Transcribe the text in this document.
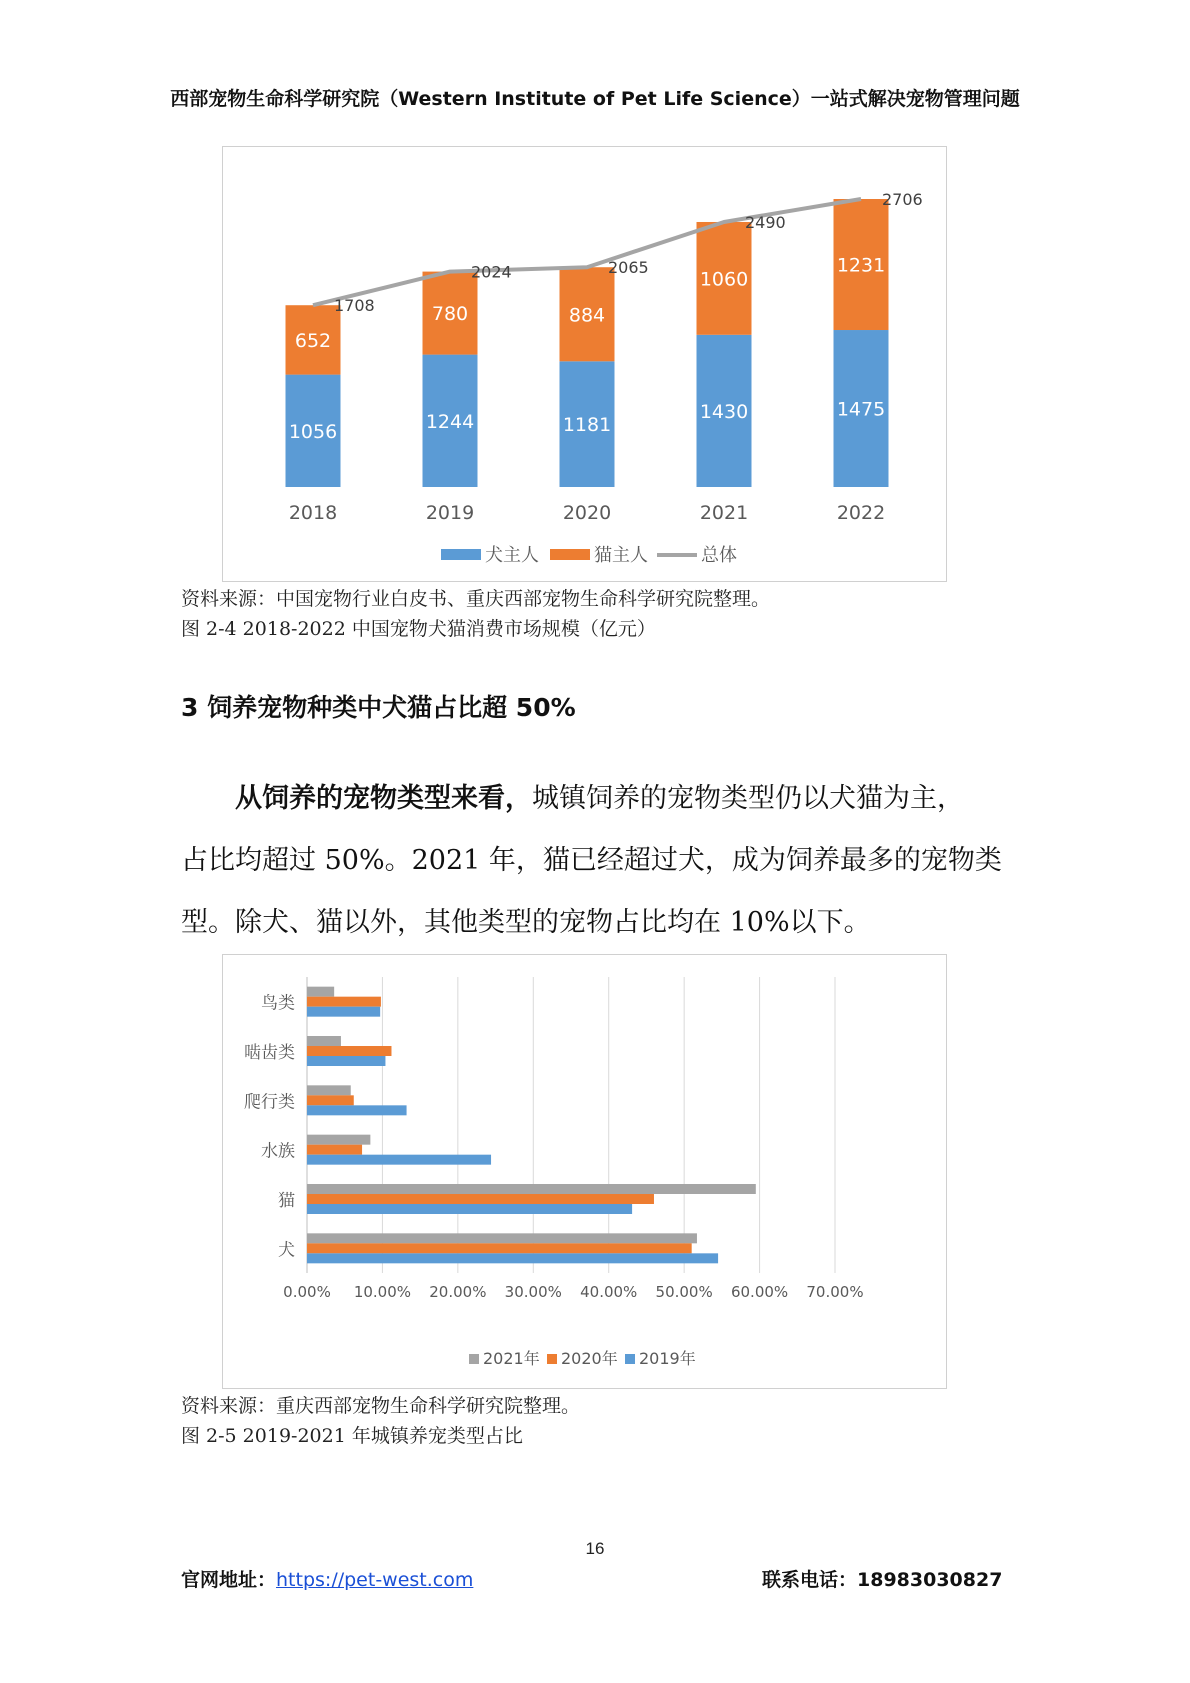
西部宠物生命科学研究院（Western Institute of Pet Life Science）一站式解决宠物管理问题
1056
652
2018
1244
780
2019
1181
884
2020
1430
1060
2021
1475
1231
2022
1708
2024	2065
2490
2706
犬主人	猫主人	总体
资料来源：中国宠物行业白皮书、重庆西部宠物生命科学研究院整理。
图 2-4 2018-2022 中国宠物犬猫消费市场规模（亿元）
3 饲养宠物种类中犬猫占比超 50%
从饲养的宠物类型来看，城镇饲养的宠物类型仍以犬猫为主，
占比均超过 50%。2021 年，猫已经超过犬，成为饲养最多的宠物类
型。除犬、猫以外，其他类型的宠物占比均在 10%以下。
0.00% 10.00% 20.00% 30.00% 40.00% 50.00% 60.00% 70.00%
鸟类
啮齿类
爬行类
水族
猫
犬
2021年 2020年 2019年
资料来源：重庆西部宠物生命科学研究院整理。
图 2-5 2019-2021 年城镇养宠类型占比
16
官网地址：https://pet-west.com	联系电话：18983030827
